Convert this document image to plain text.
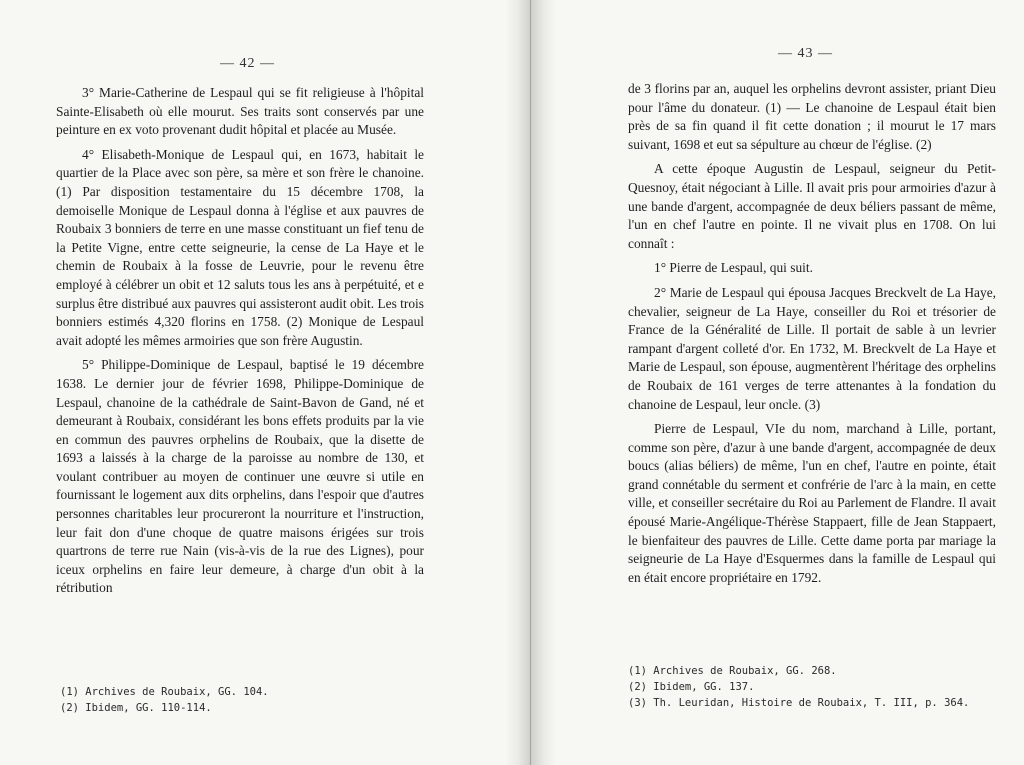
— 42 —

3° Marie-Catherine de Lespaul qui se fit religieuse à l'hôpital Sainte-Elisabeth où elle mourut. Ses traits sont conservés par une peinture en ex voto provenant dudit hôpital et placée au Musée.

4° Elisabeth-Monique de Lespaul qui, en 1673, habitait le quartier de la Place avec son père, sa mère et son frère le chanoine. (1) Par disposition testamentaire du 15 décembre 1708, la demoiselle Monique de Lespaul donna à l'église et aux pauvres de Roubaix 3 bonniers de terre en une masse constituant un fief tenu de la Petite Vigne, entre cette seigneurie, la cense de La Haye et le chemin de Roubaix à la fosse de Leuvrie, pour le revenu être employé à célébrer un obit et 12 saluts tous les ans à perpétuité, et e surplus être distribué aux pauvres qui assisteront audit obit. Les trois bonniers estimés 4,320 florins en 1758. (2) Monique de Lespaul avait adopté les mêmes armoiries que son frère Augustin.

5° Philippe-Dominique de Lespaul, baptisé le 19 décembre 1638. Le dernier jour de février 1698, Philippe-Dominique de Lespaul, chanoine de la cathédrale de Saint-Bavon de Gand, né et demeurant à Roubaix, considérant les bons effets produits par la vie en commun des pauvres orphelins de Roubaix, que la disette de 1693 a laissés à la charge de la paroisse au nombre de 130, et voulant contribuer au moyen de continuer une œuvre si utile en fournissant le logement aux dits orphelins, dans l'espoir que d'autres personnes charitables leur procureront la nourriture et l'instruction, leur fait don d'une choque de quatre maisons érigées sur trois quartrons de terre rue Nain (vis-à-vis de la rue des Lignes), pour iceux orphelins en faire leur demeure, à charge d'un obit à la rétribution

(1) Archives de Roubaix, GG. 104.

(2) Ibidem, GG. 110-114.

— 43 —

de 3 florins par an, auquel les orphelins devront assister, priant Dieu pour l'âme du donateur. (1) — Le chanoine de Lespaul était bien près de sa fin quand il fit cette donation ; il mourut le 17 mars suivant, 1698 et eut sa sépulture au chœur de l'église. (2)

A cette époque Augustin de Lespaul, seigneur du Petit-Quesnoy, était négociant à Lille. Il avait pris pour armoiries d'azur à une bande d'argent, accompagnée de deux béliers passant de même, l'un en chef l'autre en pointe. Il ne vivait plus en 1708. On lui connaît :

1° Pierre de Lespaul, qui suit.

2° Marie de Lespaul qui épousa Jacques Breckvelt de La Haye, chevalier, seigneur de La Haye, conseiller du Roi et trésorier de France de la Généralité de Lille. Il portait de sable à un levrier rampant d'argent colleté d'or. En 1732, M. Breckvelt de La Haye et Marie de Lespaul, son épouse, augmentèrent l'héritage des orphelins de Roubaix de 161 verges de terre attenantes à la fondation du chanoine de Lespaul, leur oncle. (3)

Pierre de Lespaul, VIe du nom, marchand à Lille, portant, comme son père, d'azur à une bande d'argent, accompagnée de deux boucs (alias béliers) de même, l'un en chef, l'autre en pointe, était grand connétable du serment et confrérie de l'arc à la main, en cette ville, et conseiller secrétaire du Roi au Parlement de Flandre. Il avait épousé Marie-Angélique-Thérèse Stappaert, fille de Jean Stappaert, le bienfaiteur des pauvres de Lille. Cette dame porta par mariage la seigneurie de La Haye d'Esquermes dans la famille de Lespaul qui en était encore propriétaire en 1792.

(1) Archives de Roubaix, GG. 268.

(2) Ibidem, GG. 137.

(3) Th. Leuridan, Histoire de Roubaix, T. III, p. 364.
